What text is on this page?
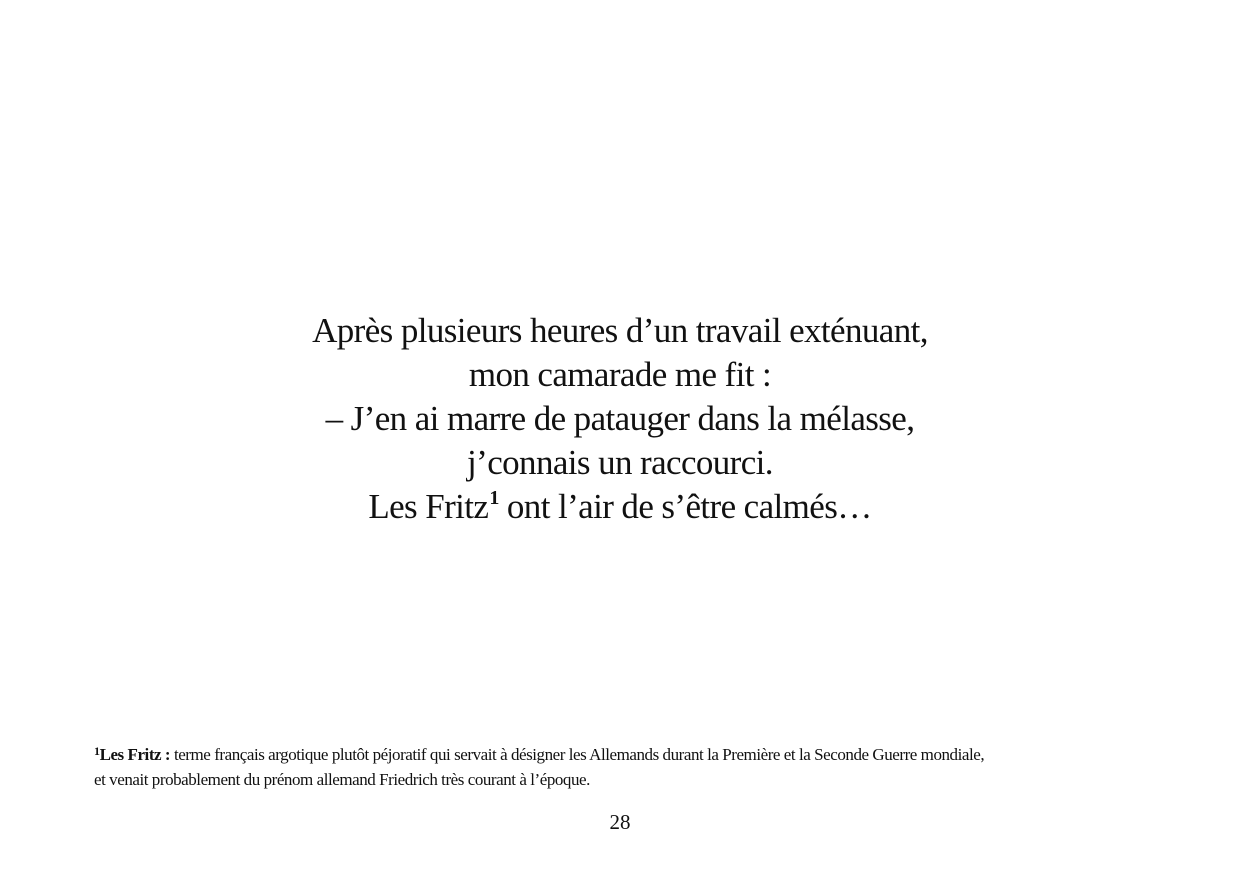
Après plusieurs heures d’un travail exténuant,
mon camarade me fit :
– J’en ai marre de patauger dans la mélasse,
j’connais un raccourci.
Les Fritz$^1$ ont l’air de s’être calmés…
$^1$Les Fritz : terme français argotique plutôt péjoratif qui servait à désigner les Allemands durant la Première et la Seconde Guerre mondiale,
et venait probablement du prénom allemand Friedrich très courant à l’époque.
28
